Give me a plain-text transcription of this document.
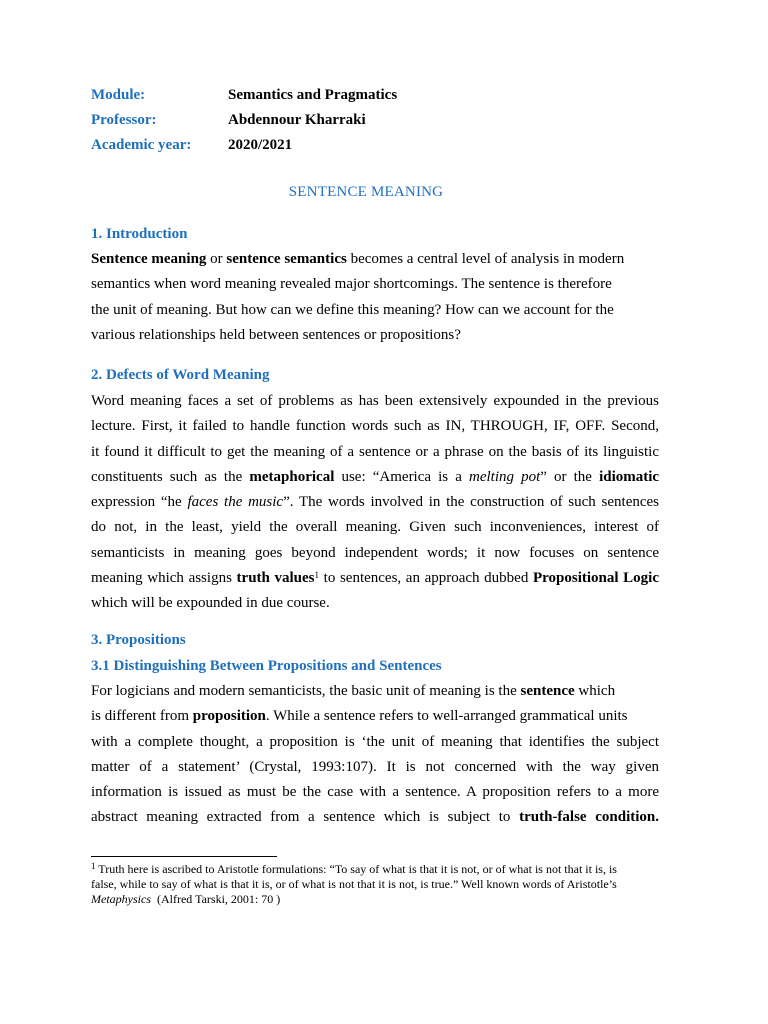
Module:	Semantics and Pragmatics
Professor:	Abdennour Kharraki
Academic year:	2020/2021
SENTENCE MEANING
1. Introduction
Sentence meaning or sentence semantics becomes a central level of analysis in modern
semantics when word meaning revealed major shortcomings. The sentence is therefore
the unit of meaning. But how can we define this meaning? How can we account for the
various relationships held between sentences or propositions?
2. Defects of Word Meaning
Word meaning faces a set of problems as has been extensively expounded in the previous
lecture. First, it failed to handle function words such as IN, THROUGH, IF, OFF. Second,
it found it difficult to get the meaning of a sentence or a phrase on the basis of its linguistic
constituents such as the metaphorical use: “America is a melting pot” or the idiomatic
expression “he faces the music”. The words involved in the construction of such sentences
do not, in the least, yield the overall meaning. Given such inconveniences, interest of
semanticists in meaning goes beyond independent words; it now focuses on sentence
meaning which assigns truth values$^1$ to sentences, an approach dubbed Propositional Logic
which will be expounded in due course.
3. Propositions
3.1 Distinguishing Between Propositions and Sentences
For logicians and modern semanticists, the basic unit of meaning is the sentence which
is different from proposition. While a sentence refers to well-arranged grammatical units
with a complete thought, a proposition is ‘the unit of meaning that identifies the subject
matter of a statement’ (Crystal, 1993:107). It is not concerned with the way given
information is issued as must be the case with a sentence. A proposition refers to a more
abstract meaning extracted from a sentence which is subject to truth-false condition.
$^1$ Truth here is ascribed to Aristotle formulations: “To say of what is that it is not, or of what is not that it is, is
false, while to say of what is that it is, or of what is not that it is not, is true.” Well known words of Aristotle’s
Metaphysics (Alfred Tarski, 2001: 70 )
